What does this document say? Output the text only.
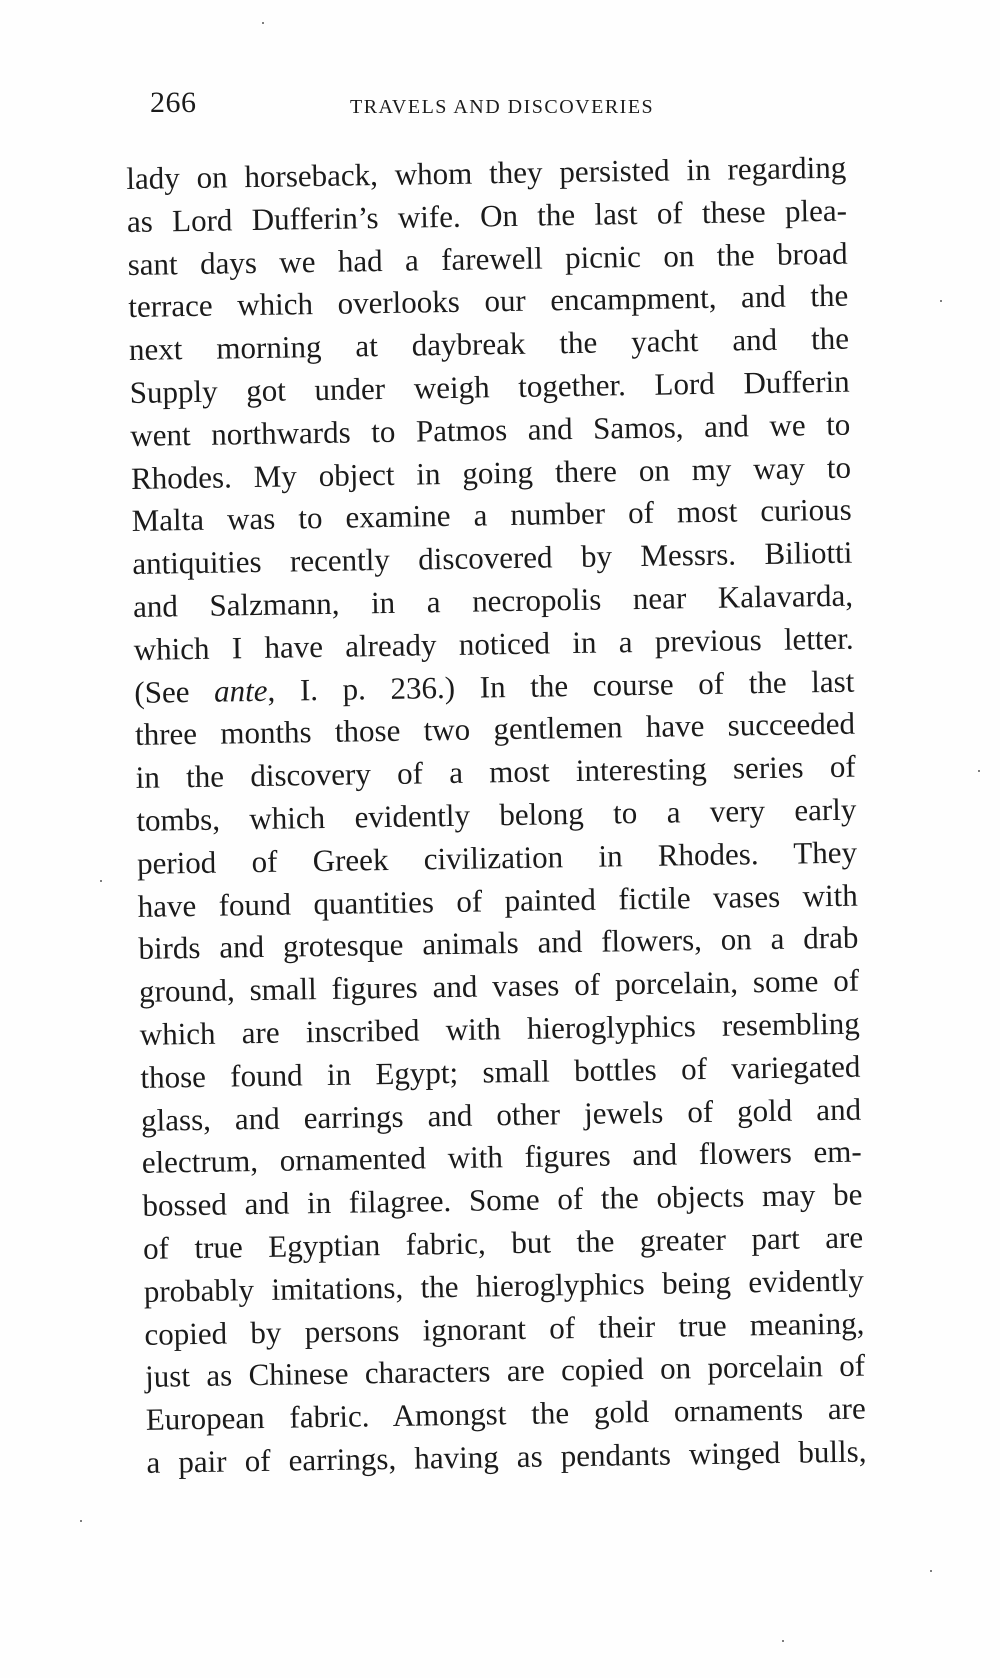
266	TRAVELS AND DISCOVERIES
lady on horseback, whom they persisted in regarding
as Lord Dufferin’s wife. On the last of these plea-
sant days we had a farewell picnic on the broad
terrace which overlooks our encampment, and the
next morning at daybreak the yacht and the
Supply got under weigh together. Lord Dufferin
went northwards to Patmos and Samos, and we to
Rhodes. My object in going there on my way to
Malta was to examine a number of most curious
antiquities recently discovered by Messrs. Biliotti
and Salzmann, in a necropolis near Kalavarda,
which I have already noticed in a previous letter.
(See ante, I. p. 236.) In the course of the last
three months those two gentlemen have succeeded
in the discovery of a most interesting series of
tombs, which evidently belong to a very early
period of Greek civilization in Rhodes. They
have found quantities of painted fictile vases with
birds and grotesque animals and flowers, on a drab
ground, small figures and vases of porcelain, some of
which are inscribed with hieroglyphics resembling
those found in Egypt; small bottles of variegated
glass, and earrings and other jewels of gold and
electrum, ornamented with figures and flowers em-
bossed and in filagree. Some of the objects may be
of true Egyptian fabric, but the greater part are
probably imitations, the hieroglyphics being evidently
copied by persons ignorant of their true meaning,
just as Chinese characters are copied on porcelain of
European fabric. Amongst the gold ornaments are
a pair of earrings, having as pendants winged bulls,
